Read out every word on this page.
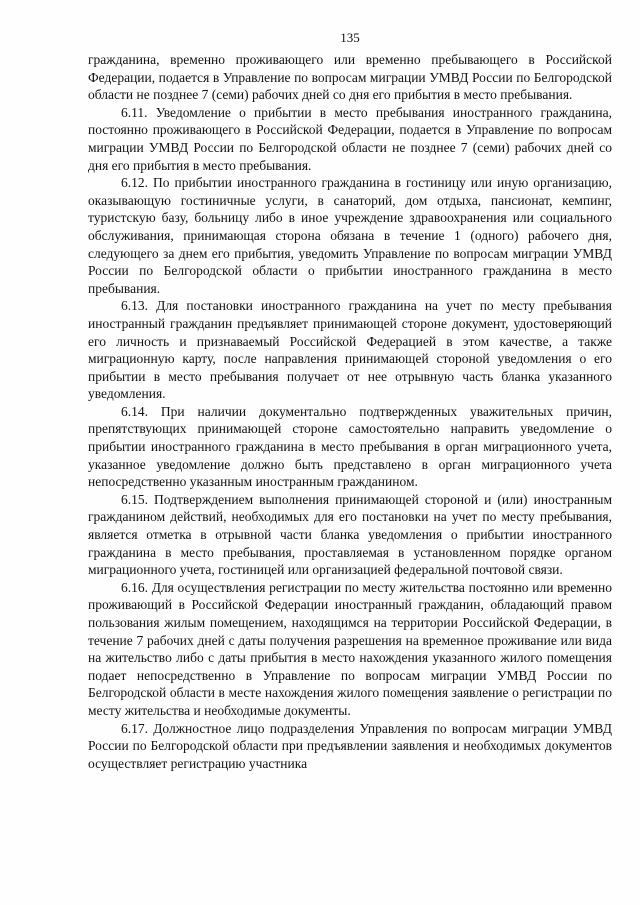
135

гражданина, временно проживающего или временно пребывающего в Российской Федерации, подается в Управление по вопросам миграции УМВД России по Белгородской области не позднее 7 (семи) рабочих дней со дня его прибытия в место пребывания.

6.11. Уведомление о прибытии в место пребывания иностранного гражданина, постоянно проживающего в Российской Федерации, подается в Управление по вопросам миграции УМВД России по Белгородской области не позднее 7 (семи) рабочих дней со дня его прибытия в место пребывания.

6.12. По прибытии иностранного гражданина в гостиницу или иную организацию, оказывающую гостиничные услуги, в санаторий, дом отдыха, пансионат, кемпинг, туристскую базу, больницу либо в иное учреждение здравоохранения или социального обслуживания, принимающая сторона обязана в течение 1 (одного) рабочего дня, следующего за днем его прибытия, уведомить Управление по вопросам миграции УМВД России по Белгородской области о прибытии иностранного гражданина в место пребывания.

6.13. Для постановки иностранного гражданина на учет по месту пребывания иностранный гражданин предъявляет принимающей стороне документ, удостоверяющий его личность и признаваемый Российской Федерацией в этом качестве, а также миграционную карту, после направления принимающей стороной уведомления о его прибытии в место пребывания получает от нее отрывную часть бланка указанного уведомления.

6.14. При наличии документально подтвержденных уважительных причин, препятствующих принимающей стороне самостоятельно направить уведомление о прибытии иностранного гражданина в место пребывания в орган миграционного учета, указанное уведомление должно быть представлено в орган миграционного учета непосредственно указанным иностранным гражданином.

6.15. Подтверждением выполнения принимающей стороной и (или) иностранным гражданином действий, необходимых для его постановки на учет по месту пребывания, является отметка в отрывной части бланка уведомления о прибытии иностранного гражданина в место пребывания, проставляемая в установленном порядке органом миграционного учета, гостиницей или организацией федеральной почтовой связи.

6.16. Для осуществления регистрации по месту жительства постоянно или временно проживающий в Российской Федерации иностранный гражданин, обладающий правом пользования жилым помещением, находящимся на территории Российской Федерации, в течение 7 рабочих дней с даты получения разрешения на временное проживание или вида на жительство либо с даты прибытия в место нахождения указанного жилого помещения подает непосредственно в Управление по вопросам миграции УМВД России по Белгородской области в месте нахождения жилого помещения заявление о регистрации по месту жительства и необходимые документы.

6.17. Должностное лицо подразделения Управления по вопросам миграции УМВД России по Белгородской области при предъявлении заявления и необходимых документов осуществляет регистрацию участника
